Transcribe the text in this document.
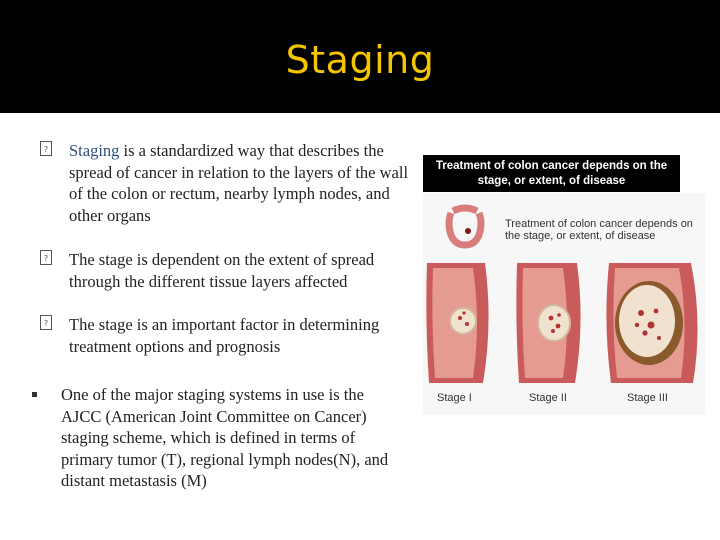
Staging
? Staging is a standardized way that describes the spread of cancer in relation to the layers of the wall of the colon or rectum, nearby lymph nodes, and other organs
? The stage is dependent on the extent of spread through the different tissue layers affected
? The stage is an important factor in determining treatment options and prognosis
One of the major staging systems in use is the AJCC (American Joint Committee on Cancer) staging scheme, which is defined in terms of primary tumor (T), regional lymph nodes(N), and distant metastasis (M)
Treatment of colon cancer depends on the stage, or extent, of disease
Treatment of colon cancer depends on the stage, or extent, of disease
Stage I	Stage II	Stage III
